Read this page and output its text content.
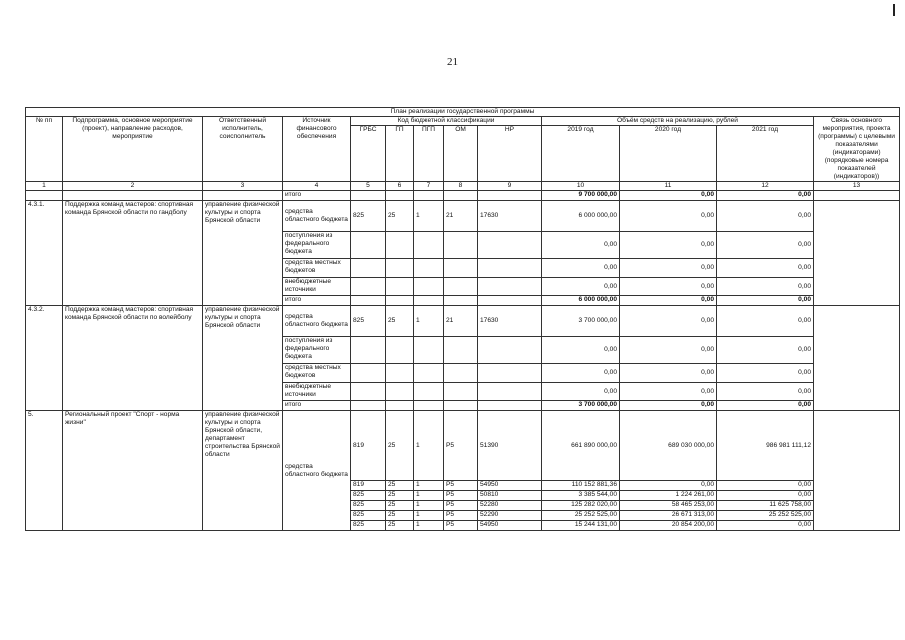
21
План реализации государственной программы												
№ пп	Подпрограмма, основное мероприятие (проект), направление расходов, мероприятие	Ответственный исполнитель, соисполнитель	Источник финансового обеспечения	Код бюджетной классификации					Объём средств на реализацию, рублей			Связь основного мероприятия, проекта (программы) с целевыми показателями (индикаторами) (порядковые номера показателей (индикаторов))
				ГРБС	ГП	ПГП	ОМ	НР	2019 год	2020 год	2021 год	

1	2	3	4	5	6	7	8	9	10	11	12	13
			итого						9 700 000,00	0,00	0,00	
4.3.1.	Поддержка команд мастеров: спортивная команда Брянской области по гандболу	управление физической культуры и спорта Брянской области	средства областного бюджета	825	25	1	21	17630	6 000 000,00	0,00	0,00	
			поступления из федерального бюджета						0,00	0,00	0,00	
			средства местных бюджетов						0,00	0,00	0,00	
			внебюджетные источники						0,00	0,00	0,00	
			итого						6 000 000,00	0,00	0,00	
4.3.2.	Поддержка команд мастеров: спортивная команда Брянской области по волейболу	управление физической культуры и спорта Брянской области	средства областного бюджета	825	25	1	21	17630	3 700 000,00	0,00	0,00	
			поступления из федерального бюджета						0,00	0,00	0,00	
			средства местных бюджетов						0,00	0,00	0,00	
			внебюджетные источники						0,00	0,00	0,00	
			итого						3 700 000,00	0,00	0,00	
5.	Региональный проект "Спорт - норма жизни"	управление физической культуры и спорта Брянской области, департамент строительства Брянской области	средства областного бюджета	819	25	1	P5	51390	661 890 000,00	689 030 000,00	986 981 111,12	
				819	25	1	P5	54950	110 152 881,36	0,00	0,00	
				825	25	1	P5	50810	3 385 544,00	1 224 261,00	0,00	
				825	25	1	P5	52280	125 282 020,00	58 465 253,00	11 625 758,00	
				825	25	1	P5	52290	25 252 525,00	26 671 313,00	25 252 525,00	
				825	25	1	P5	54950	15 244 131,00	20 854 200,00	0,00	
